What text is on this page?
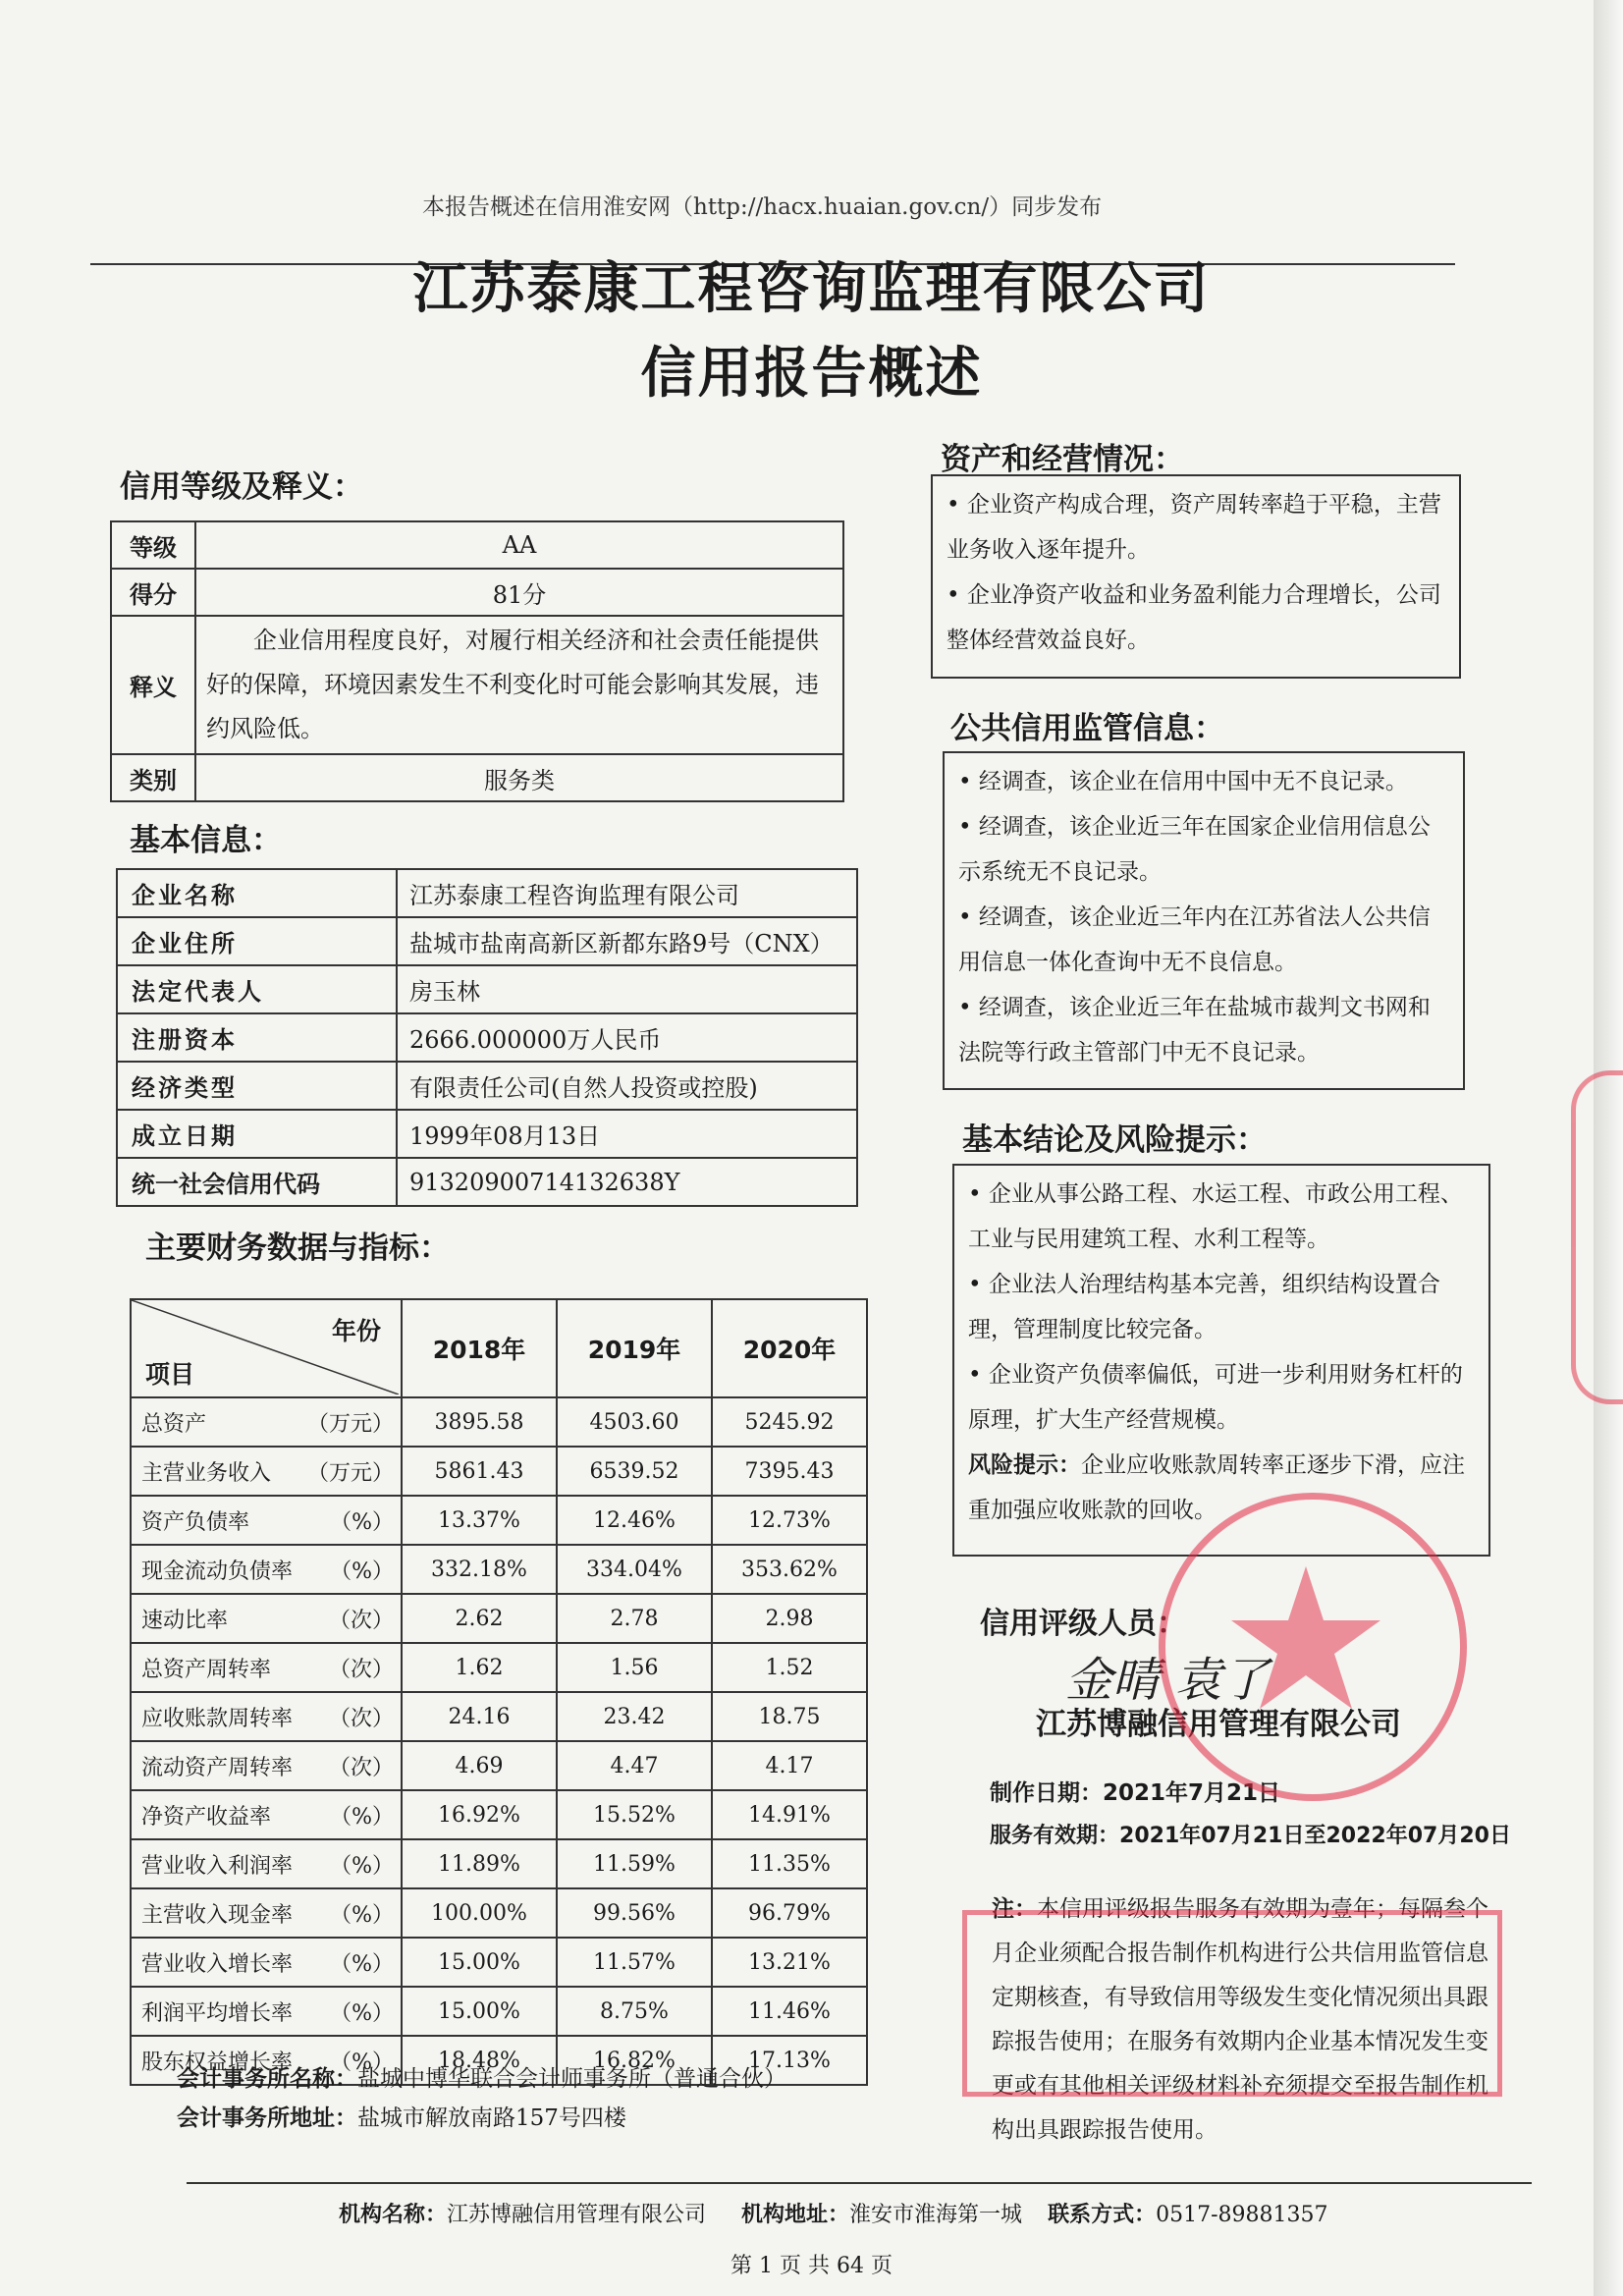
本报告概述在信用淮安网（http://hacx.huaian.gov.cn/）同步发布
江苏泰康工程咨询监理有限公司
信用报告概述
信用等级及释义：
等级	AA
得分	81分
释义	企业信用程度良好，对履行相关经济和社会责任能提供好的保障，环境因素发生不利变化时可能会影响其发展，违约风险低。
类别	服务类
基本信息：
企业名称	江苏泰康工程咨询监理有限公司
企业住所	盐城市盐南高新区新都东路9号（CNX）
法定代表人	房玉林
注册资本	2666.000000万人民币
经济类型	有限责任公司(自然人投资或控股)
成立日期	1999年08月13日
统一社会信用代码	91320900714132638Y
主要财务数据与指标：
年份
项目	2018年	2019年	2020年
总资产 （万元）	3895.58	4503.60	5245.92
主营业务收入 （万元）	5861.43	6539.52	7395.43
资产负债率 （%）	13.37%	12.46%	12.73%
现金流动负债率 （%）	332.18%	334.04%	353.62%
速动比率 （次）	2.62	2.78	2.98
总资产周转率 （次）	1.62	1.56	1.52
应收账款周转率 （次）	24.16	23.42	18.75
流动资产周转率 （次）	4.69	4.47	4.17
净资产收益率 （%）	16.92%	15.52%	14.91%
营业收入利润率 （%）	11.89%	11.59%	11.35%
主营收入现金率 （%）	100.00%	99.56%	96.79%
营业收入增长率 （%）	15.00%	11.57%	13.21%
利润平均增长率 （%）	15.00%	8.75%	11.46%
股东权益增长率 （%）	18.48%	16.82%	17.13%
会计事务所名称：盐城中博华联合会计师事务所（普通合伙）
会计事务所地址：盐城市解放南路157号四楼
资产和经营情况：

• 企业资产构成合理，资产周转率趋于平稳，主营业务收入逐年提升。

• 企业净资产收益和业务盈利能力合理增长，公司整体经营效益良好。

公共信用监管信息：

• 经调查，该企业在信用中国中无不良记录。

• 经调查，该企业近三年在国家企业信用信息公示系统无不良记录。

• 经调查，该企业近三年内在江苏省法人公共信用信息一体化查询中无不良信息。

• 经调查，该企业近三年在盐城市裁判文书网和法院等行政主管部门中无不良记录。

基本结论及风险提示：

• 企业从事公路工程、水运工程、市政公用工程、工业与民用建筑工程、水利工程等。

• 企业法人治理结构基本完善，组织结构设置合理，管理制度比较完备。

• 企业资产负债率偏低，可进一步利用财务杠杆的原理，扩大生产经营规模。

风险提示：企业应收账款周转率正逐步下滑，应注重加强应收账款的回收。

信用评级人员：
金晴 袁了
江苏博融信用管理有限公司
制作日期：2021年7月21日
服务有效期：2021年07月21日至2022年07月20日
注：本信用评级报告服务有效期为壹年；每隔叁个月企业须配合报告制作机构进行公共信用监管信息定期核查，有导致信用等级发生变化情况须出具跟踪报告使用；在服务有效期内企业基本情况发生变更或有其他相关评级材料补充须提交至报告制作机构出具跟踪报告使用。
机构名称：江苏博融信用管理有限公司 机构地址：淮安市淮海第一城 联系方式：0517-89881357
第 1 页 共 64 页
